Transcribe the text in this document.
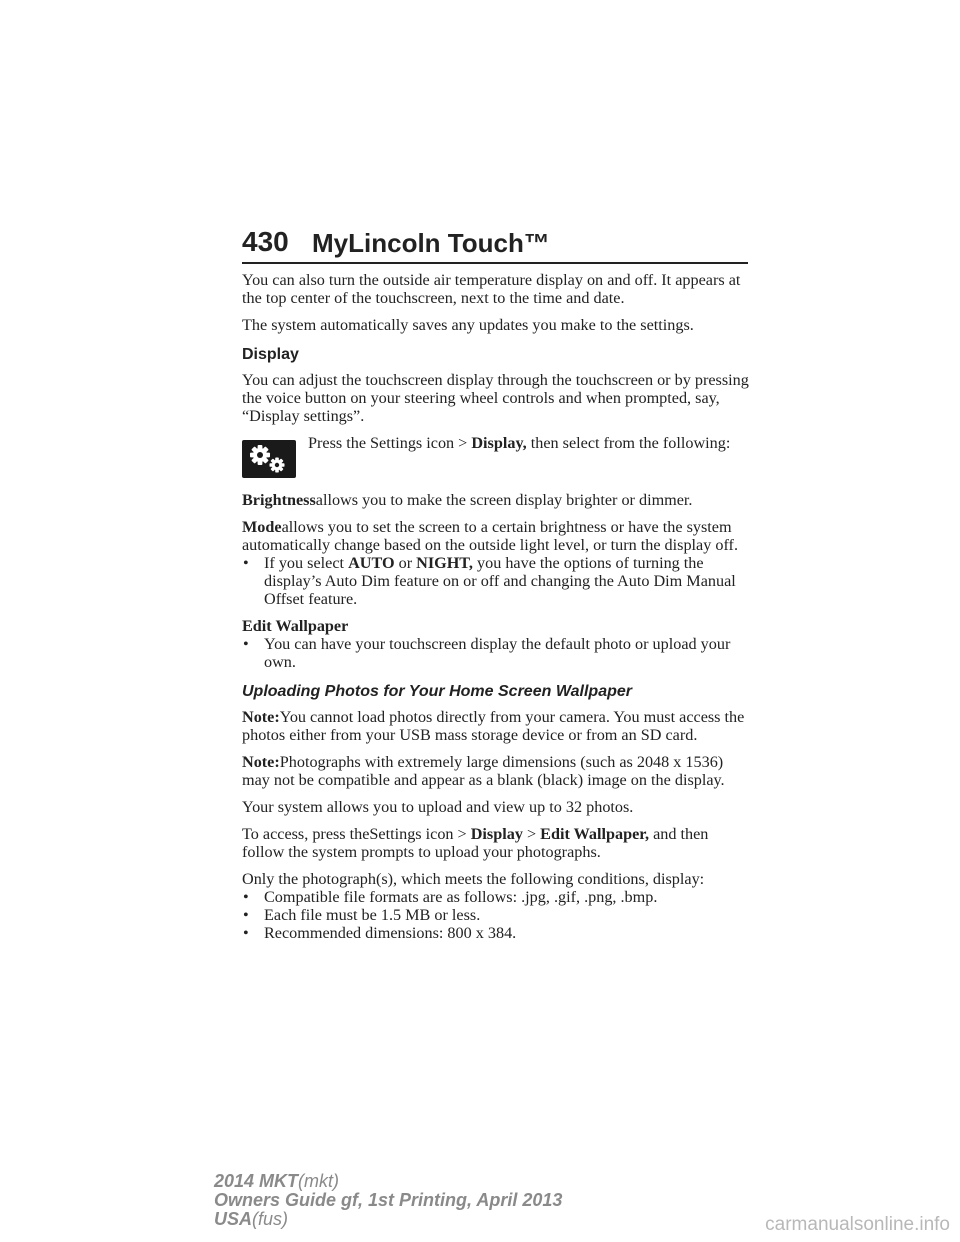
430 MyLincoln Touch™

You can also turn the outside air temperature display on and off. It appears at the top center of the touchscreen, next to the time and date.

The system automatically saves any updates you make to the settings.

Display

You can adjust the touchscreen display through the touchscreen or by pressing the voice button on your steering wheel controls and when prompted, say, “Display settings”.

Press the Settings icon > Display, then select from the following:

Brightnessallows you to make the screen display brighter or dimmer.

Modeallows you to set the screen to a certain brightness or have the system automatically change based on the outside light level, or turn the display off.

• If you select AUTO or NIGHT, you have the options of turning the display’s Auto Dim feature on or off and changing the Auto Dim Manual Offset feature.

Edit Wallpaper

• You can have your touchscreen display the default photo or upload your own.
Uploading Photos for Your Home Screen Wallpaper

Note:You cannot load photos directly from your camera. You must access the photos either from your USB mass storage device or from an SD card.

Note:Photographs with extremely large dimensions (such as 2048 x 1536) may not be compatible and appear as a blank (black) image on the display.

Your system allows you to upload and view up to 32 photos.

To access, press theSettings icon > Display > Edit Wallpaper, and then follow the system prompts to upload your photographs.

Only the photograph(s), which meets the following conditions, display:

• Compatible file formats are as follows: .jpg, .gif, .png, .bmp.
• Each file must be 1.5 MB or less.
• Recommended dimensions: 800 x 384.
2014 MKT(mkt)
Owners Guide gf, 1st Printing, April 2013
USA(fus)	carmanualsonline.info
